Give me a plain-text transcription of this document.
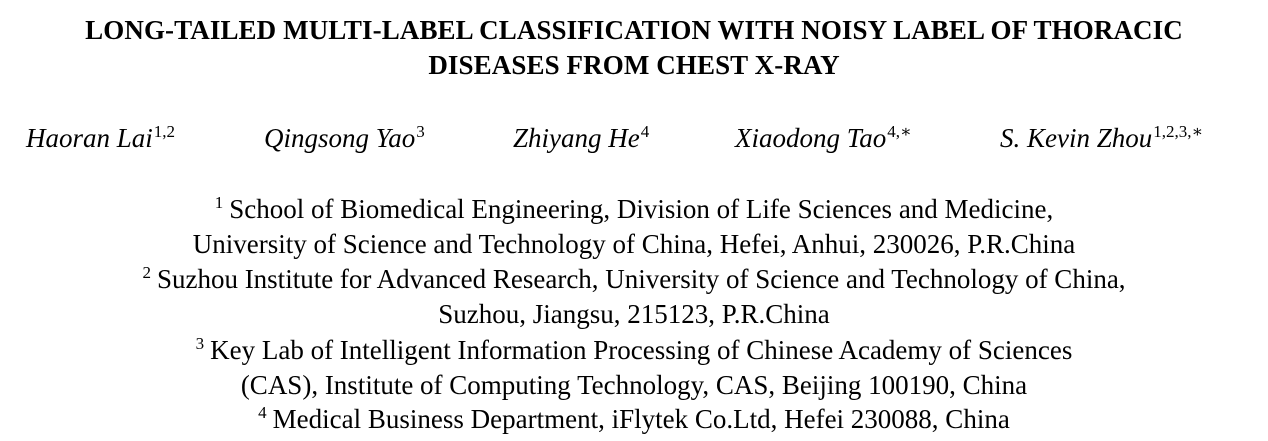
LONG-TAILED MULTI-LABEL CLASSIFICATION WITH NOISY LABEL OF THORACIC
DISEASES FROM CHEST X-RAY
Haoran Lai$^{1,2}$	Qingsong Yao$^3$	Zhiyang He$^4$	Xiaodong Tao$^{4,∗}$	S. Kevin Zhou$^{1,2,3,∗}$
$^1$ School of Biomedical Engineering, Division of Life Sciences and Medicine,
University of Science and Technology of China, Hefei, Anhui, 230026, P.R.China
$^2$ Suzhou Institute for Advanced Research, University of Science and Technology of China,
Suzhou, Jiangsu, 215123, P.R.China
$^3$ Key Lab of Intelligent Information Processing of Chinese Academy of Sciences
(CAS), Institute of Computing Technology, CAS, Beijing 100190, China
$^4$ Medical Business Department, iFlytek Co.Ltd, Hefei 230088, China
